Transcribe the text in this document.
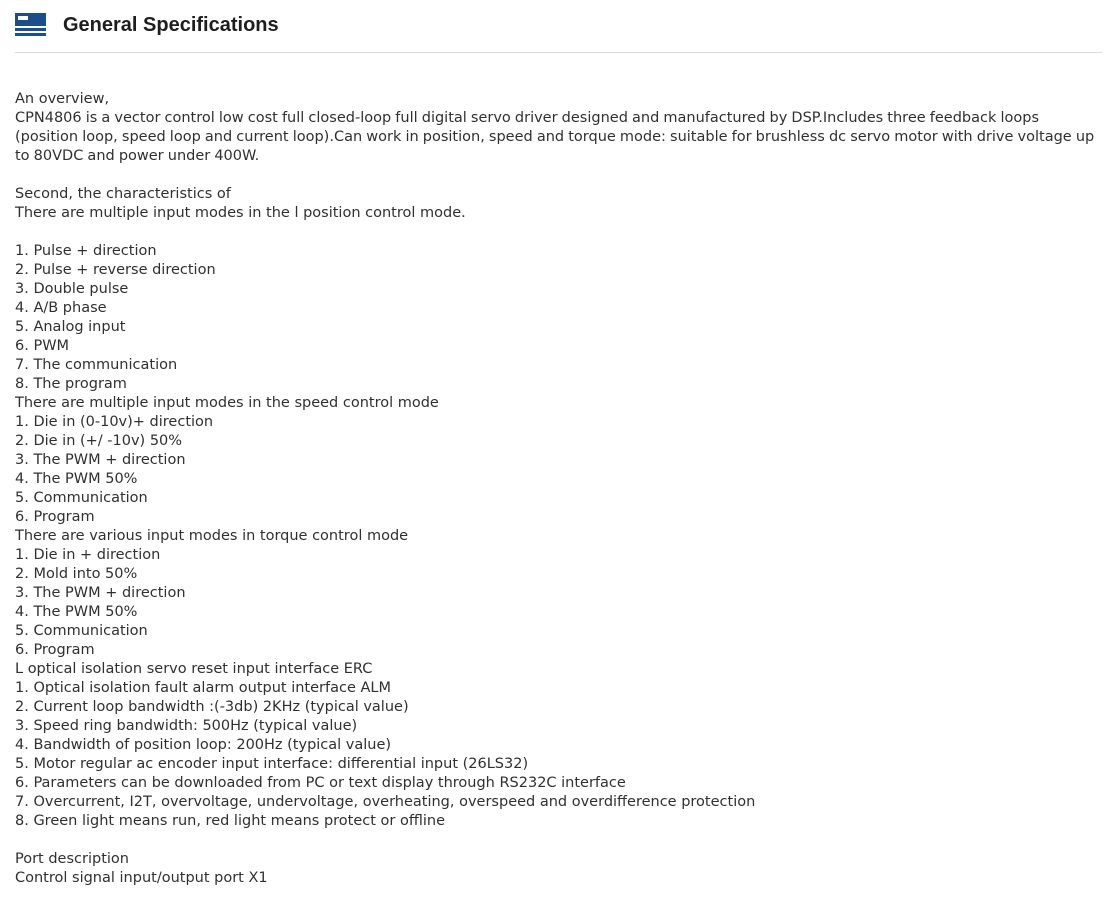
General Specifications
An overview,
CPN4806 is a vector control low cost full closed-loop full digital servo driver designed and manufactured by DSP.Includes three feedback loops (position loop, speed loop and current loop).Can work in position, speed and torque mode: suitable for brushless dc servo motor with drive voltage up to 80VDC and power under 400W.
Second, the characteristics of
There are multiple input modes in the l position control mode.
1. Pulse + direction
2. Pulse + reverse direction
3. Double pulse
4. A/B phase
5. Analog input
6. PWM
7. The communication
8. The program
There are multiple input modes in the speed control mode
1. Die in (0-10v)+ direction
2. Die in (+/ -10v) 50%
3. The PWM + direction
4. The PWM 50%
5. Communication
6. Program
There are various input modes in torque control mode
1. Die in + direction
2. Mold into 50%
3. The PWM + direction
4. The PWM 50%
5. Communication
6. Program
L optical isolation servo reset input interface ERC
1. Optical isolation fault alarm output interface ALM
2. Current loop bandwidth :(-3db) 2KHz (typical value)
3. Speed ring bandwidth: 500Hz (typical value)
4. Bandwidth of position loop: 200Hz (typical value)
5. Motor regular ac encoder input interface: differential input (26LS32)
6. Parameters can be downloaded from PC or text display through RS232C interface
7. Overcurrent, I2T, overvoltage, undervoltage, overheating, overspeed and overdifference protection
8. Green light means run, red light means protect or offline
Port description
Control signal input/output port X1
